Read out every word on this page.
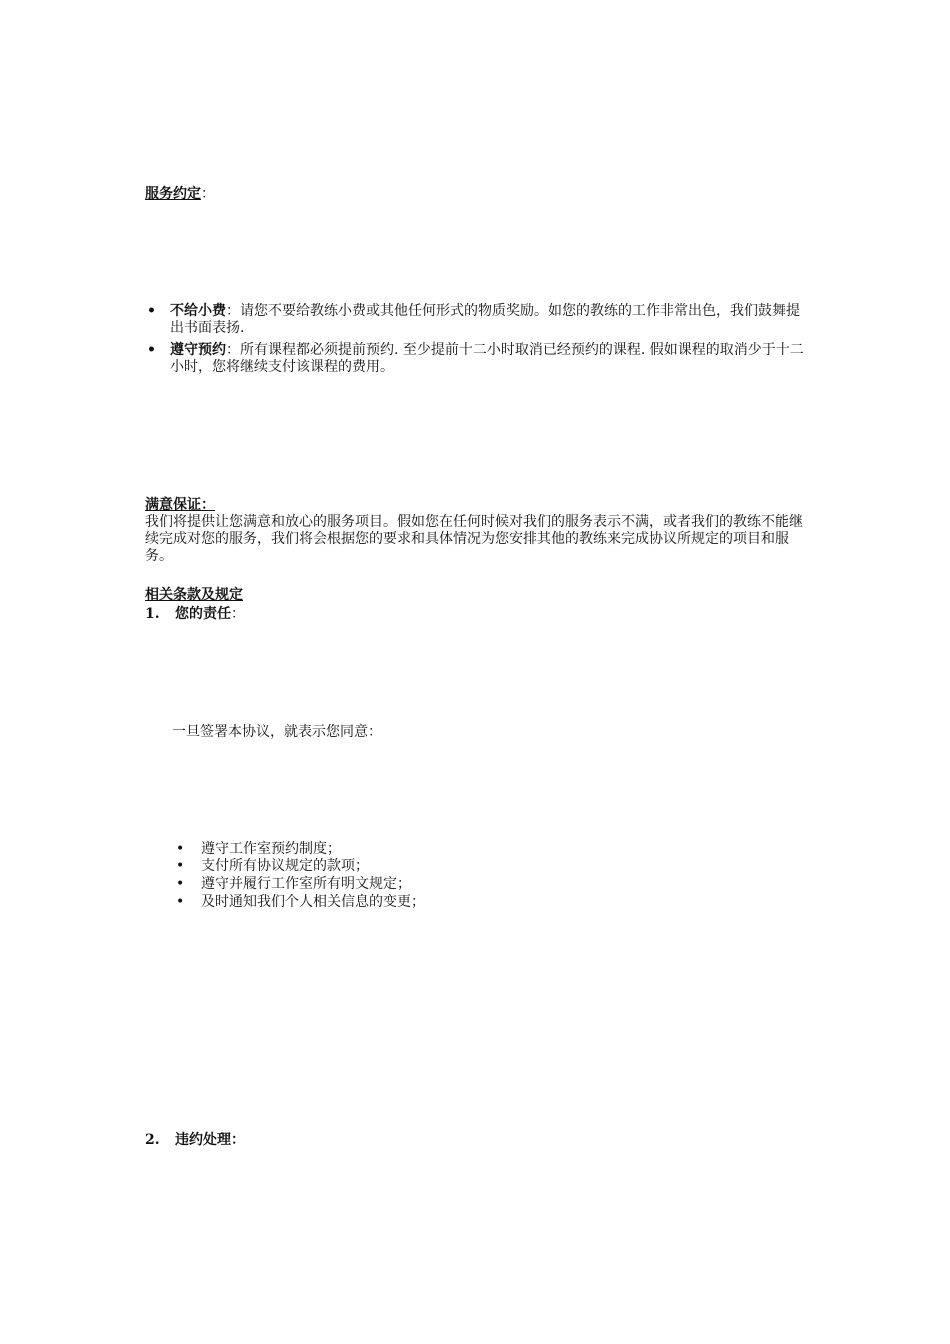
服务约定：
• 不给小费：请您不要给教练小费或其他任何形式的物质奖励。如您的教练的工作非常出色，我们鼓舞提出书面表扬.
• 遵守预约：所有课程都必须提前预约. 至少提前十二小时取消已经预约的课程. 假如课程的取消少于十二小时，您将继续支付该课程的费用。
满意保证：
我们将提供让您满意和放心的服务项目。假如您在任何时候对我们的服务表示不满，或者我们的教练不能继续完成对您的服务，我们将会根据您的要求和具体情况为您安排其他的教练来完成协议所规定的项目和服务。
相关条款及规定
1. 您的责任：
一旦签署本协议，就表示您同意：
• 遵守工作室预约制度；
• 支付所有协议规定的款项；
• 遵守并履行工作室所有明文规定；
• 及时通知我们个人相关信息的变更；
2. 违约处理：
